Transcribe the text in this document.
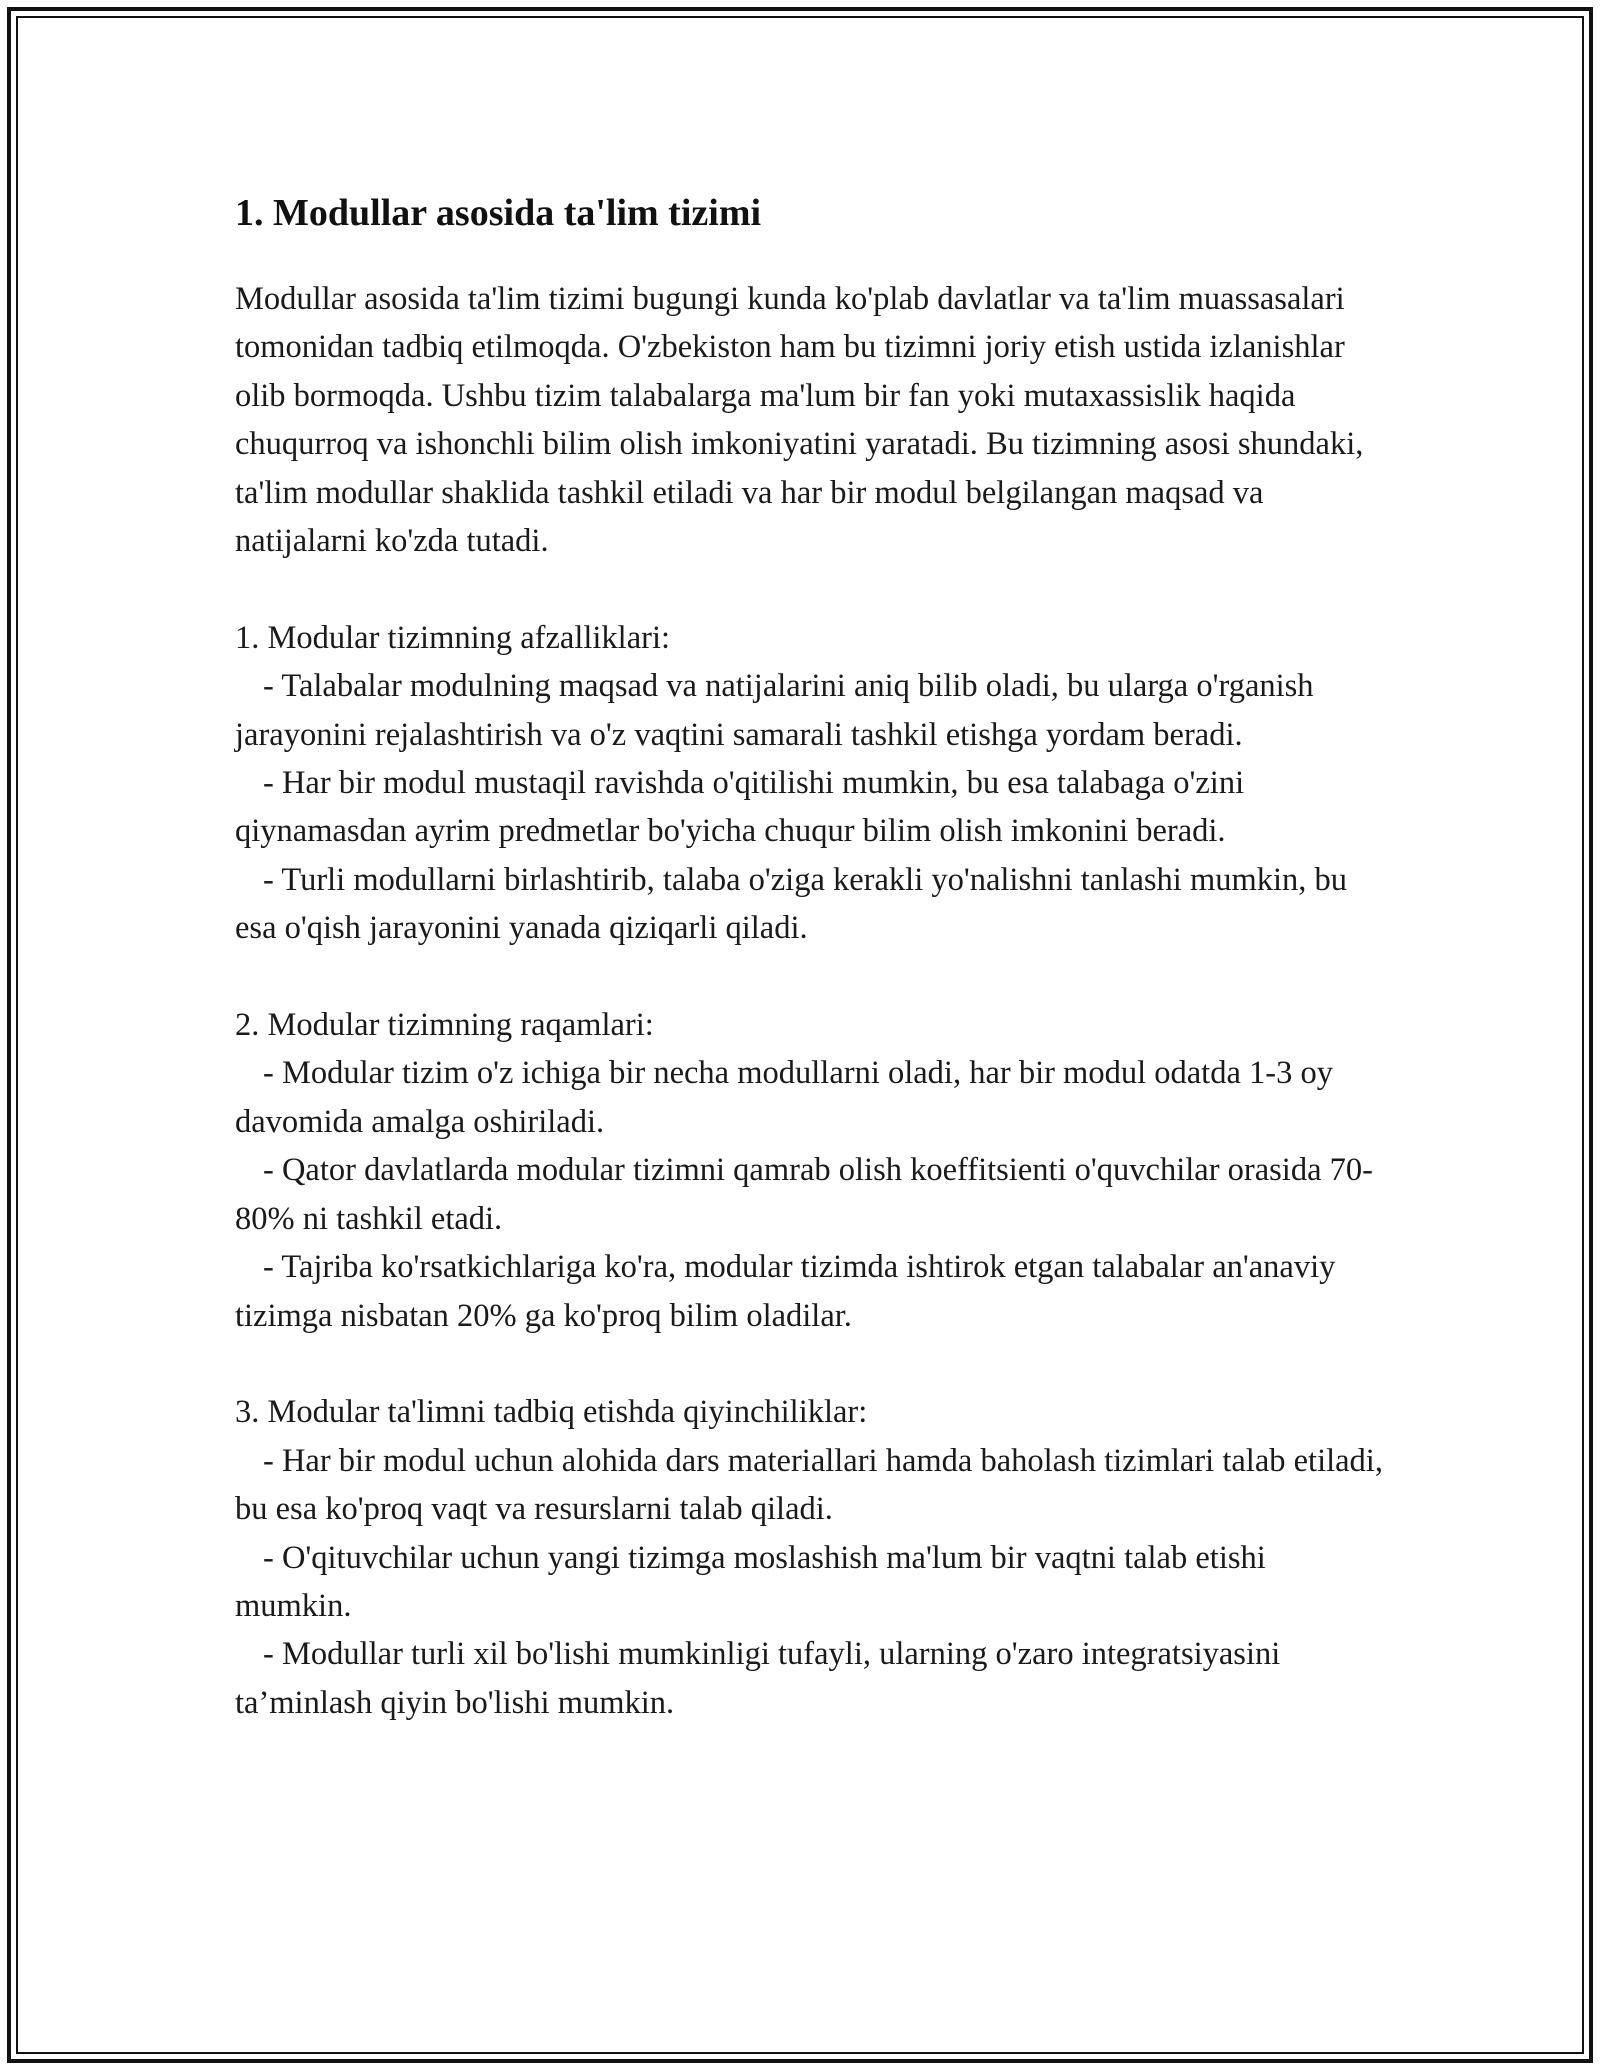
1. Modullar asosida ta'lim tizimi

Modullar asosida ta'lim tizimi bugungi kunda ko'plab davlatlar va ta'lim muassasalari tomonidan tadbiq etilmoqda. O'zbekiston ham bu tizimni joriy etish ustida izlanishlar olib bormoqda. Ushbu tizim talabalarga ma'lum bir fan yoki mutaxassislik haqida chuqurroq va ishonchli bilim olish imkoniyatini yaratadi. Bu tizimning asosi shundaki, ta'lim modullar shaklida tashkil etiladi va har bir modul belgilangan maqsad va natijalarni ko'zda tutadi.

1. Modular tizimning afzalliklari:

- Talabalar modulning maqsad va natijalarini aniq bilib oladi, bu ularga o'rganish jarayonini rejalashtirish va o'z vaqtini samarali tashkil etishga yordam beradi.

- Har bir modul mustaqil ravishda o'qitilishi mumkin, bu esa talabaga o'zini qiynamasdan ayrim predmetlar bo'yicha chuqur bilim olish imkonini beradi.

- Turli modullarni birlashtirib, talaba o'ziga kerakli yo'nalishni tanlashi mumkin, bu esa o'qish jarayonini yanada qiziqarli qiladi.

2. Modular tizimning raqamlari:

- Modular tizim o'z ichiga bir necha modullarni oladi, har bir modul odatda 1-3 oy davomida amalga oshiriladi.

- Qator davlatlarda modular tizimni qamrab olish koeffitsienti o'quvchilar orasida 70-80% ni tashkil etadi.

- Tajriba ko'rsatkichlariga ko'ra, modular tizimda ishtirok etgan talabalar an'anaviy tizimga nisbatan 20% ga ko'proq bilim oladilar.

3. Modular ta'limni tadbiq etishda qiyinchiliklar:

- Har bir modul uchun alohida dars materiallari hamda baholash tizimlari talab etiladi, bu esa ko'proq vaqt va resurslarni talab qiladi.

- O'qituvchilar uchun yangi tizimga moslashish ma'lum bir vaqtni talab etishi mumkin.

- Modullar turli xil bo'lishi mumkinligi tufayli, ularning o'zaro integratsiyasini ta’minlash qiyin bo'lishi mumkin.
